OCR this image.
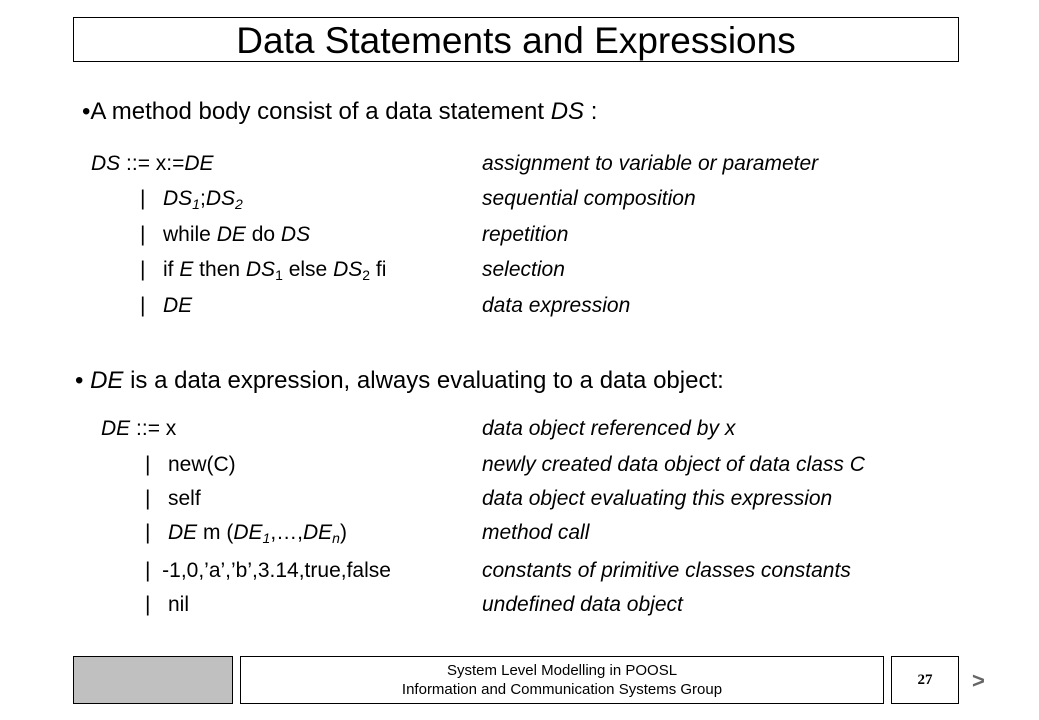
Data Statements and Expressions
•A method body consist of a data statement DS :
DS ::= x:=DE	assignment to variable or parameter
| $DS_1;DS_2$	sequential composition
| while DE do DS	repetition
| if E then $DS_1$ else $DS_2$ fi	selection
| DE	data expression
• DE is a data expression, always evaluating to a data object:
DE ::= x	data object referenced by x
| new(C)	newly created data object of data class C
| self	data object evaluating this expression
| DE m $(DE_1,\dots,DE_n)$	method call
| -1,0,’a’,’b’,3.14,true,false	constants of primitive classes constants
| nil	undefined data object
System Level Modelling in POOSL
Information and Communication Systems Group
27	>
